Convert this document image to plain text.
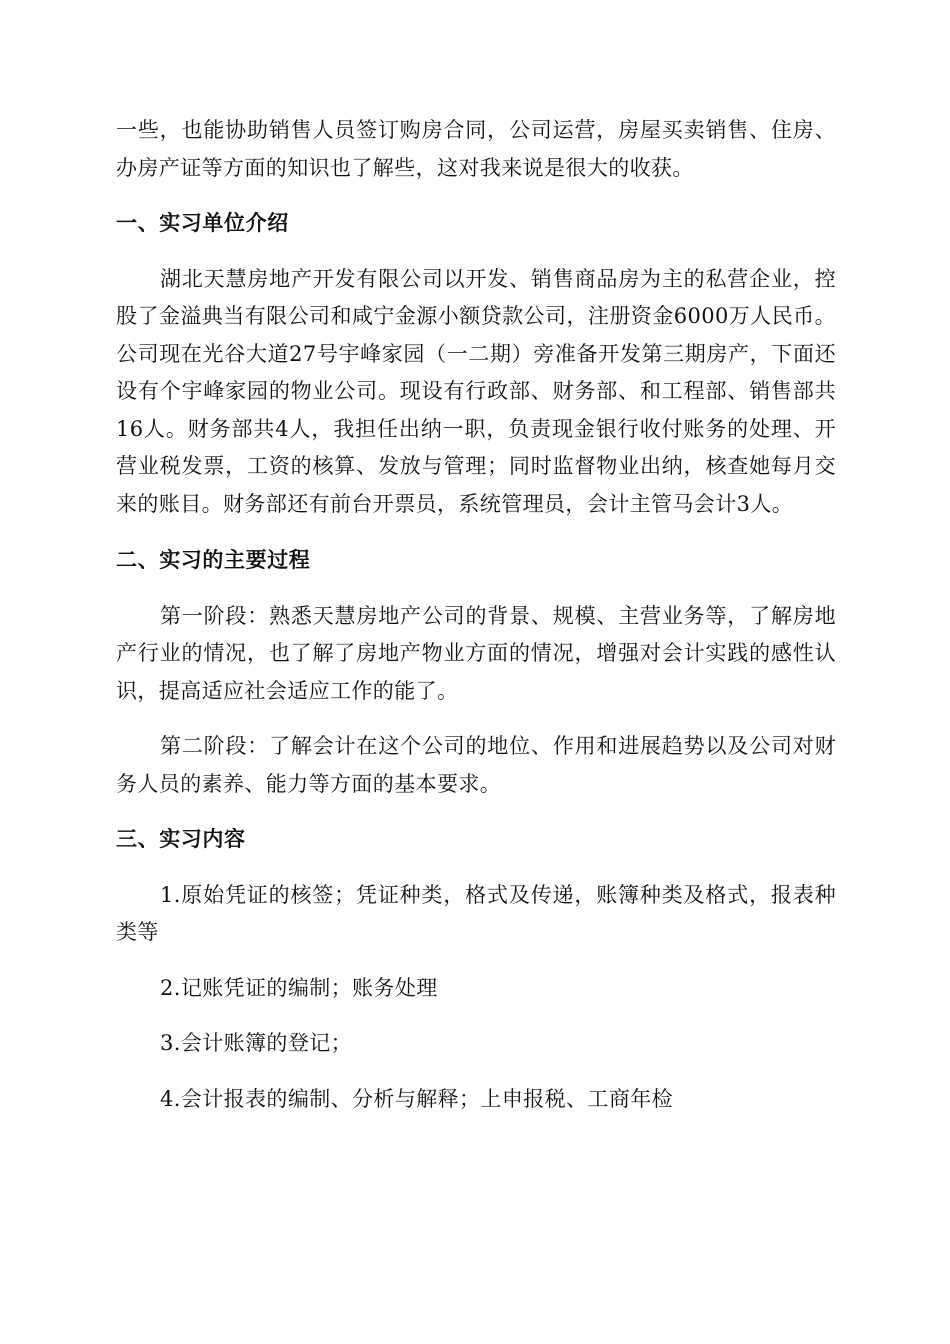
一些，也能协助销售人员签订购房合同，公司运营，房屋买卖销售、住房、办房产证等方面的知识也了解些，这对我来说是很大的收获。

一、实习单位介绍

湖北天慧房地产开发有限公司以开发、销售商品房为主的私营企业，控股了金溢典当有限公司和咸宁金源小额贷款公司，注册资金6000万人民币。公司现在光谷大道27号宇峰家园（一二期）旁准备开发第三期房产，下面还设有个宇峰家园的物业公司。现设有行政部、财务部、和工程部、销售部共16人。财务部共4人，我担任出纳一职，负责现金银行收付账务的处理、开营业税发票，工资的核算、发放与管理；同时监督物业出纳，核查她每月交来的账目。财务部还有前台开票员，系统管理员，会计主管马会计3人。

二、实习的主要过程

第一阶段：熟悉天慧房地产公司的背景、规模、主营业务等，了解房地产行业的情况，也了解了房地产物业方面的情况，增强对会计实践的感性认识，提高适应社会适应工作的能了。

第二阶段：了解会计在这个公司的地位、作用和进展趋势以及公司对财务人员的素养、能力等方面的基本要求。

三、实习内容

1.原始凭证的核签；凭证种类，格式及传递，账簿种类及格式，报表种类等

2.记账凭证的编制；账务处理

3.会计账簿的登记；

4.会计报表的编制、分析与解释；上申报税、工商年检
